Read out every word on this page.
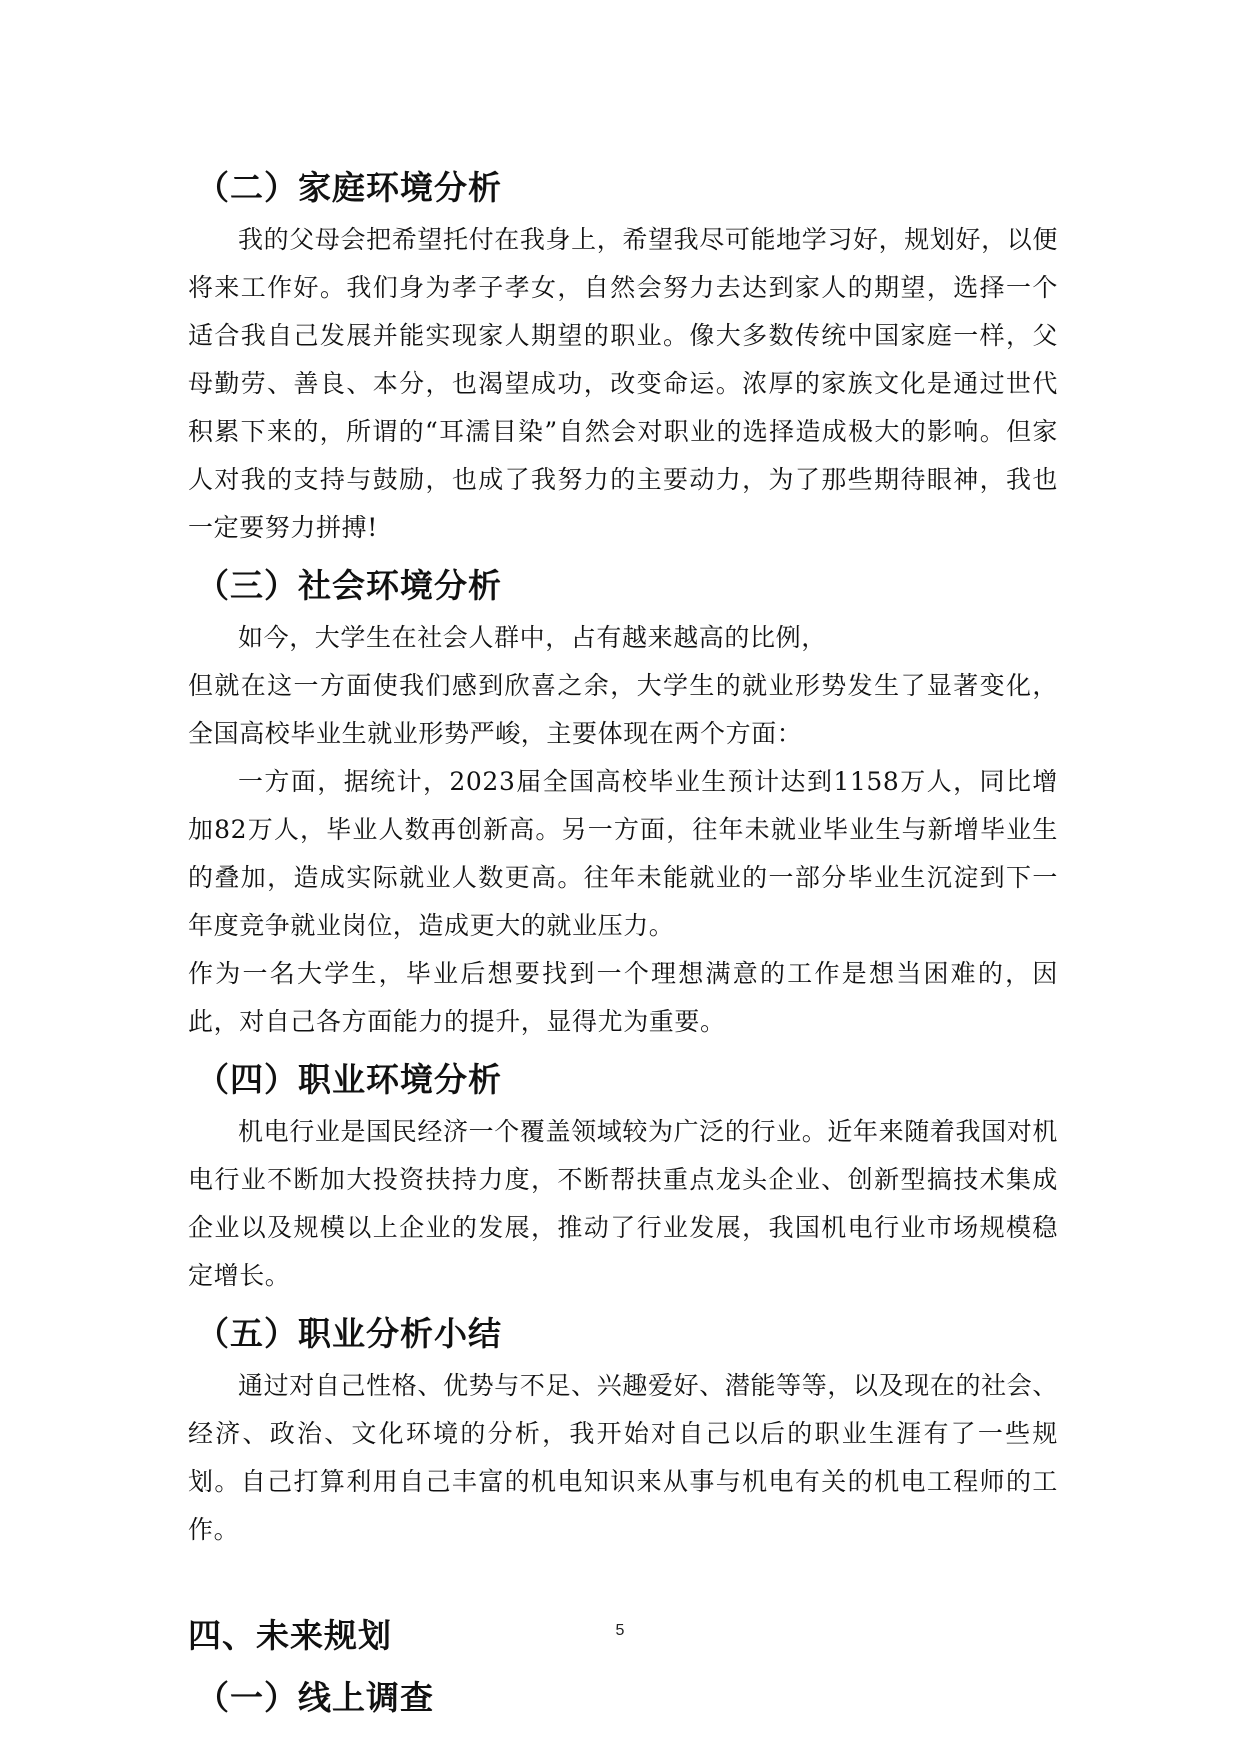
（二）家庭环境分析

我的父母会把希望托付在我身上，希望我尽可能地学习好，规划好，以便将来工作好。我们身为孝子孝女，自然会努力去达到家人的期望，选择一个适合我自己发展并能实现家人期望的职业。像大多数传统中国家庭一样，父母勤劳、善良、本分，也渴望成功，改变命运。浓厚的家族文化是通过世代积累下来的，所谓的“耳濡目染”自然会对职业的选择造成极大的影响。但家人对我的支持与鼓励，也成了我努力的主要动力，为了那些期待眼神，我也一定要努力拼搏!

（三）社会环境分析

如今，大学生在社会人群中，占有越来越高的比例，

但就在这一方面使我们感到欣喜之余，大学生的就业形势发生了显著变化，全国高校毕业生就业形势严峻，主要体现在两个方面：

一方面，据统计，2023届全国高校毕业生预计达到1158万人，同比增加82万人，毕业人数再创新高。另一方面，往年未就业毕业生与新增毕业生的叠加，造成实际就业人数更高。往年未能就业的一部分毕业生沉淀到下一年度竞争就业岗位，造成更大的就业压力。

作为一名大学生，毕业后想要找到一个理想满意的工作是想当困难的，因此，对自己各方面能力的提升，显得尤为重要。

（四）职业环境分析

机电行业是国民经济一个覆盖领域较为广泛的行业。近年来随着我国对机电行业不断加大投资扶持力度，不断帮扶重点龙头企业、创新型搞技术集成企业以及规模以上企业的发展，推动了行业发展，我国机电行业市场规模稳定增长。

（五）职业分析小结

通过对自己性格、优势与不足、兴趣爱好、潜能等等，以及现在的社会、经济、政治、文化环境的分析，我开始对自己以后的职业生涯有了一些规划。自己打算利用自己丰富的机电知识来从事与机电有关的机电工程师的工作。

四、未来规划
（一）线上调查
5
